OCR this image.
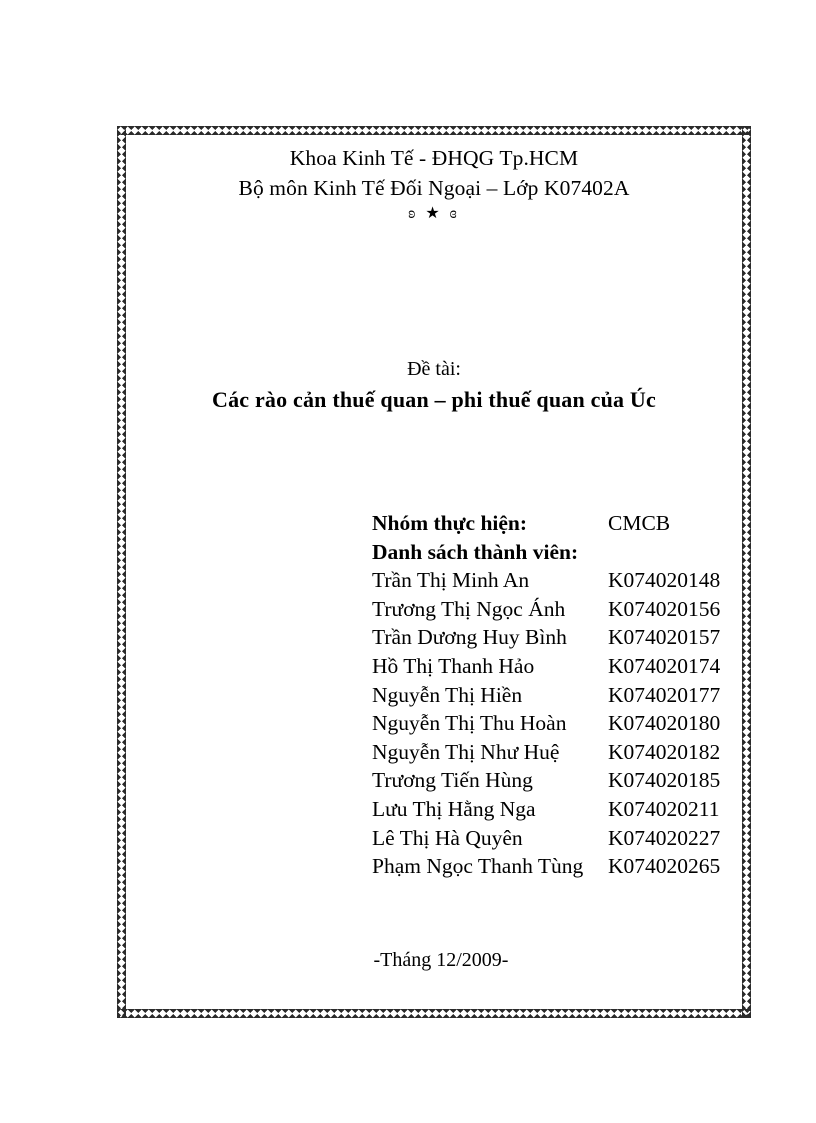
Khoa Kinh Tế - ĐHQG Tp.HCM
Bộ môn Kinh Tế Đối Ngoại – Lớp K07402A
ʚ ★ ɞ
Đề tài:
Các rào cản thuế quan – phi thuế quan của Úc
Nhóm thực hiện:	CMCB
Danh sách thành viên:
Trần Thị Minh An	K074020148
Trương Thị Ngọc Ánh	K074020156
Trần Dương Huy Bình	K074020157
Hồ Thị Thanh Hảo	K074020174
Nguyễn Thị Hiền	K074020177
Nguyễn Thị Thu Hoàn	K074020180
Nguyễn Thị Như Huệ	K074020182
Trương Tiến Hùng	K074020185
Lưu Thị Hằng Nga	K074020211
Lê Thị Hà Quyên	K074020227
Phạm Ngọc Thanh Tùng	K074020265
-Tháng 12/2009-
